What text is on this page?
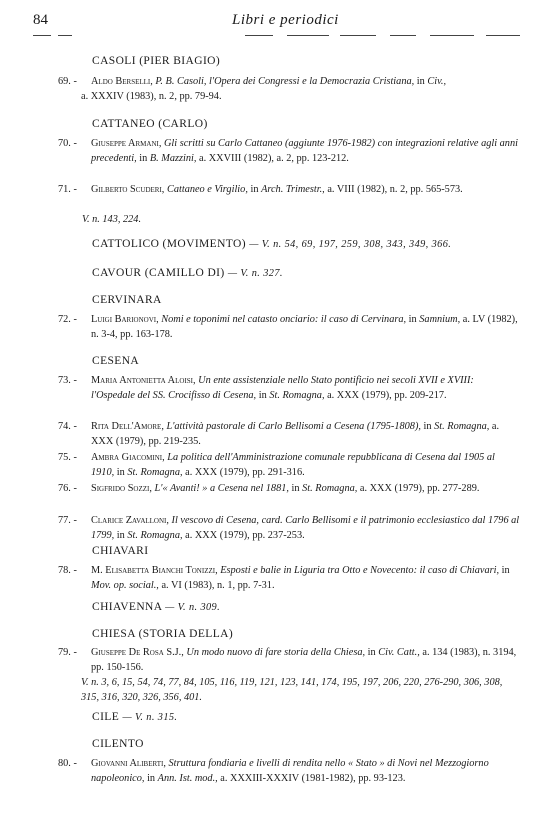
84	Libri e periodici
CASOLI (PIER BIAGIO)
69. -	Aldo Berselli, P. B. Casoli, l'Opera dei Congressi e la Democrazia Cristiana, in Civ.,
a. XXXIV (1983), n. 2, pp. 79-94.
CATTANEO (CARLO)
70. -	Giuseppe Armani, Gli scritti su Carlo Cattaneo (aggiunte 1976-1982) con integrazioni relative agli anni precedenti, in B. Mazzini, a. XXVIII (1982), a. 2, pp. 123-212.
71. -	Gilberto Scuderi, Cattaneo e Virgilio, in Arch. Trimestr., a. VIII (1982), n. 2, pp. 565-573.
V. n. 143, 224.
CATTOLICO (MOVIMENTO) — V. n. 54, 69, 197, 259, 308, 343, 349, 366.
CAVOUR (CAMILLO DI) — V. n. 327.
CERVINARA
72. -	Luigi Barionovi, Nomi e toponimi nel catasto onciario: il caso di Cervinara, in Samnium, a. LV (1982), n. 3-4, pp. 163-178.
CESENA
73. -	Maria Antonietta Aloisi, Un ente assistenziale nello Stato pontificio nei secoli XVII e XVIII: l'Ospedale del SS. Crocifisso di Cesena, in St. Romagna, a. XXX (1979), pp. 209-217.
74. -	Rita Dell'Amore, L'attività pastorale di Carlo Bellisomi a Cesena (1795-1808), in St. Romagna, a. XXX (1979), pp. 219-235.
75. -	Ambra Giacomini, La politica dell'Amministrazione comunale repubblicana di Cesena dal 1905 al 1910, in St. Romagna, a. XXX (1979), pp. 291-316.
76. -	Sigfrido Sozzi, L'« Avanti! » a Cesena nel 1881, in St. Romagna, a. XXX (1979), pp. 277-289.
77. -	Clarice Zavalloni, Il vescovo di Cesena, card. Carlo Bellisomi e il patrimonio ecclesiastico dal 1796 al 1799, in St. Romagna, a. XXX (1979), pp. 237-253.
CHIAVARI
78. -	M. Elisabetta Bianchi Tonizzi, Esposti e balie in Liguria tra Otto e Novecento: il caso di Chiavari, in Mov. op. social., a. VI (1983), n. 1, pp. 7-31.
CHIAVENNA — V. n. 309.
CHIESA (STORIA DELLA)
79. -	Giuseppe De Rosa S.J., Un modo nuovo di fare storia della Chiesa, in Civ. Catt., a. 134 (1983), n. 3194, pp. 150-156.
V. n. 3, 6, 15, 54, 74, 77, 84, 105, 116, 119, 121, 123, 141, 174, 195, 197, 206, 220, 276-290, 306, 308, 315, 316, 320, 326, 356, 401.
CILE — V. n. 315.
CILENTO
80. -	Giovanni Aliberti, Struttura fondiaria e livelli di rendita nello « Stato » di Novi nel Mezzogiorno napoleonico, in Ann. Ist. mod., a. XXXIII-XXXIV (1981-1982), pp. 93-123.
